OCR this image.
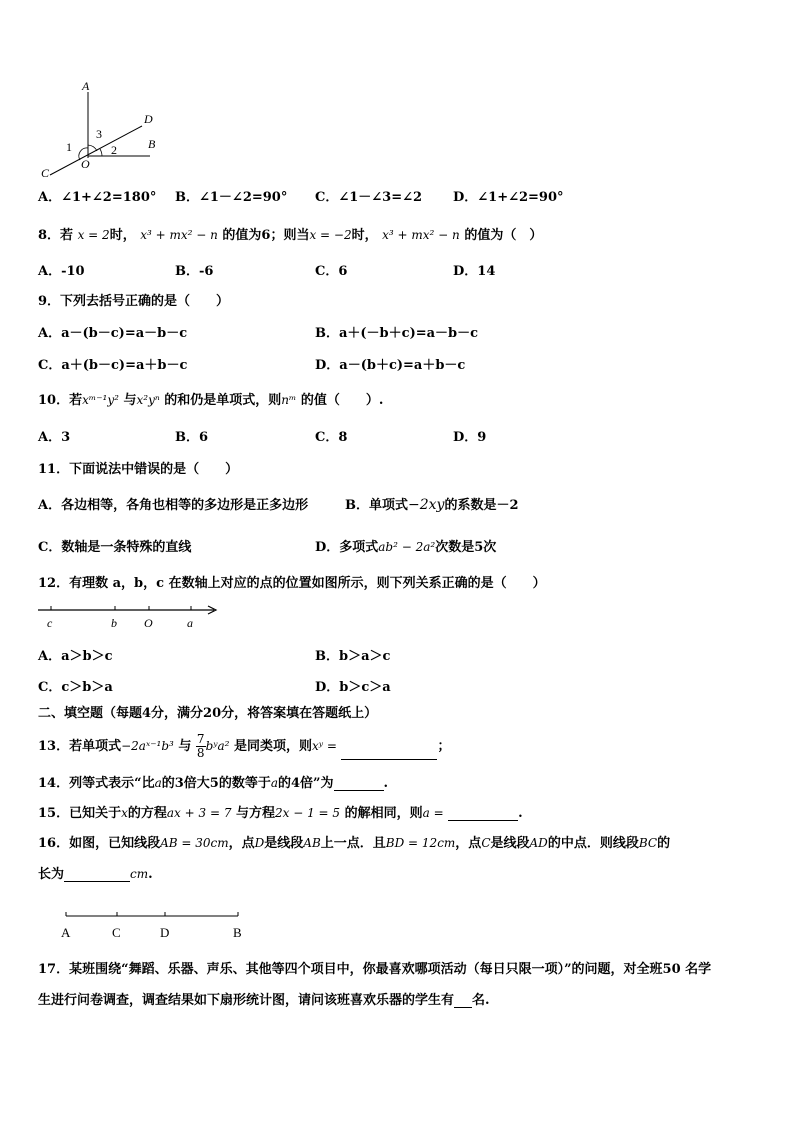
A
D
B
C
O
1	2
3
A．∠1+∠2=180° B．∠1－∠2=90° C．∠1－∠3=∠2 D．∠1+∠2=90°
8．若 x = 2时， x³ + mx² − n 的值为6；则当x = −2时， x³ + mx² − n 的值为（　）
A．-10	B．-6	C．6	D．14
9．下列去括号正确的是（　　）
A．a－(b－c)=a－b－c	B．a＋(－b＋c)=a－b－c
C．a＋(b－c)=a＋b－c	D．a－(b＋c)=a＋b－c
10．若xᵐ⁻¹y² 与x²yⁿ 的和仍是单项式，则nᵐ 的值（　　）.
A．3	B．6	C．8	D．9
11．下面说法中错误的是（　　）
A．各边相等，各角也相等的多边形是正多边形	B．单项式−2xy的系数是－2
C．数轴是一条特殊的直线	D．多项式ab² − 2a²次数是5次
12．有理数 a，b，c 在数轴上对应的点的位置如图所示，则下列关系正确的是（　　）
c	b O	a
A．a＞b＞c	B．b＞a＞c
C．c＞b＞a	D．b＞c＞a
二、填空题（每题4分，满分20分，将答案填在答题纸上）
13．若单项式−2aˣ⁻¹b³ 与 $\frac{7}{8}$ bʸa² 是同类项，则xʸ =	；
14．列等式表示“比a的3倍大5的数等于a的4倍”为	.
15．已知关于x的方程ax + 3 = 7 与方程2x − 1 = 5 的解相同，则a =	.
16．如图，已知线段AB = 30cm，点D是线段AB上一点．且BD = 12cm，点C是线段AD的中点．则线段BC的
长为	cm.
A	C	D	B
17．某班围绕“舞蹈、乐器、声乐、其他等四个项目中，你最喜欢哪项活动（每日只限一项）”的问题，对全班50 名学
生进行问卷调查，调查结果如下扇形统计图，请问该班喜欢乐器的学生有 名.
